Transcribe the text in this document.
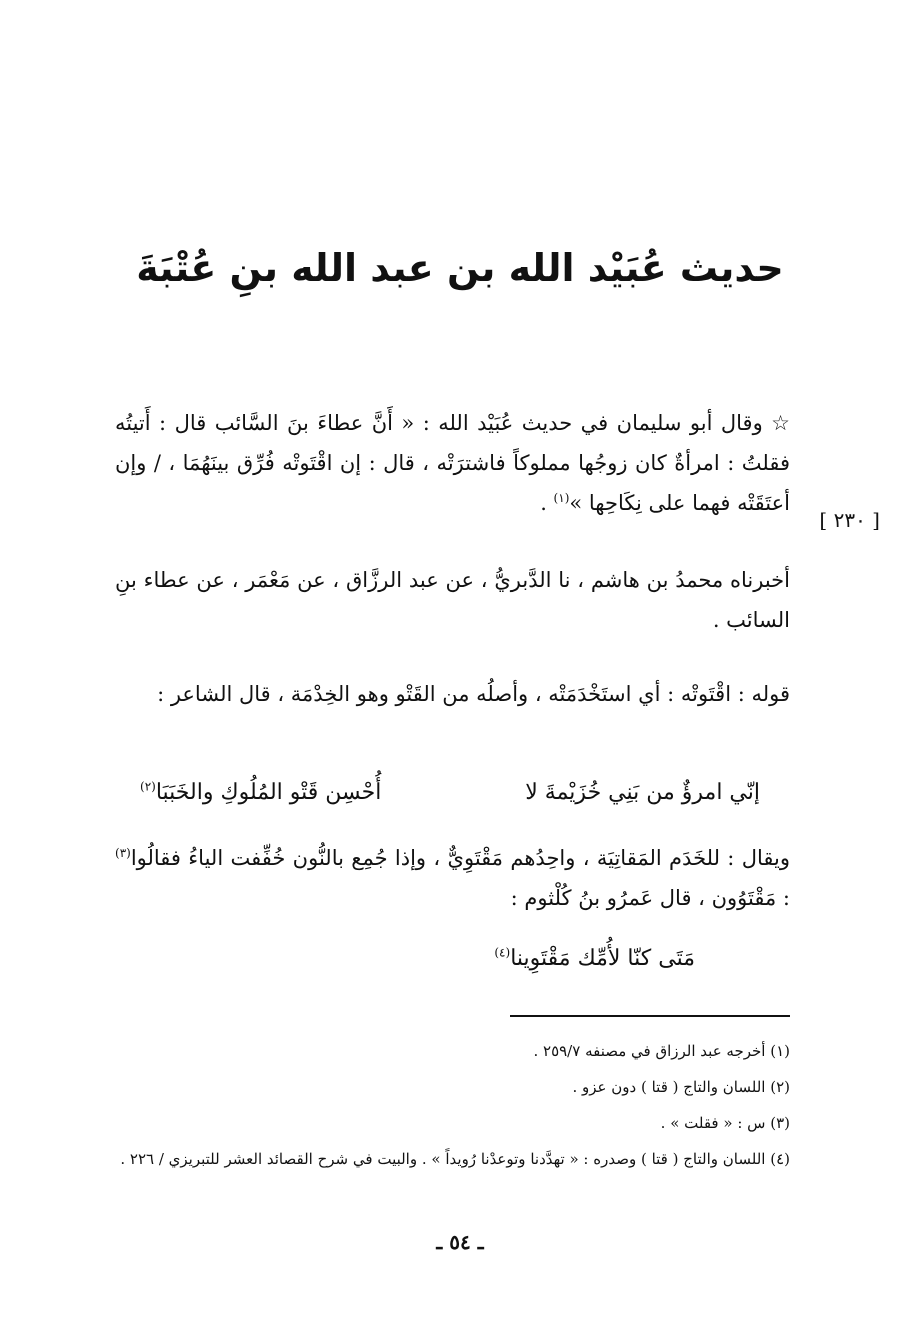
حديث عُبَيْد الله بن عبد الله بنِ عُتْبَةَ

☆ وقال أبو سليمان في حديث عُبَيْد الله : « أَنَّ عطاءَ بنَ السَّائب قال : أَتيتُه فقلتُ : امرأةٌ كان زوجُها مملوكاً فاشترَتْه ، قال : إن اقْتَوتْه فُرِّق بينَهُمَا ، / وإن أعتَقَتْه فهما على نِكَاحِها »$^{(١)}$ .

[ ٢٣٠ ]

أخبرناه محمدُ بن هاشم ، نا الدَّبريُّ ، عن عبد الرزَّاق ، عن مَعْمَر ، عن عطاء بنِ السائب .

قوله : اقْتَوتْه : أي استَخْدَمَتْه ، وأصلُه من القَتْو وهو الخِدْمَة ، قال الشاعر :

إنّي امرؤٌ من بَنِي خُزَيْمةَ لا
أُحْسِن قَتْو المُلُوكِ والخَبَبَا$^{(٢)}$

ويقال : للخَدَم المَقاتِيَة ، واحِدُهم مَقْتَوِيٌّ ، وإذا جُمِع بالنُّون خُفِّفت الياءُ فقالُوا$^{(٣)}$ : مَقْتَوُون ، قال عَمرُو بنُ كُلْثوم :

مَتَى كنّا لأُمِّك مَقْتَوِينا$^{(٤)}$
(١) أخرجه عبد الرزاق في مصنفه ٢٥٩/٧ .
(٢) اللسان والتاج ( قتا ) دون عزو .
(٣) س : « فقلت » .
(٤) اللسان والتاج ( قتا ) وصدره : « تهدَّدنا وتوعدْنا رُويداً » . والبيت في شرح القصائد العشر للتبريزي / ٢٢٦ .
ـ ٥٤ ـ
